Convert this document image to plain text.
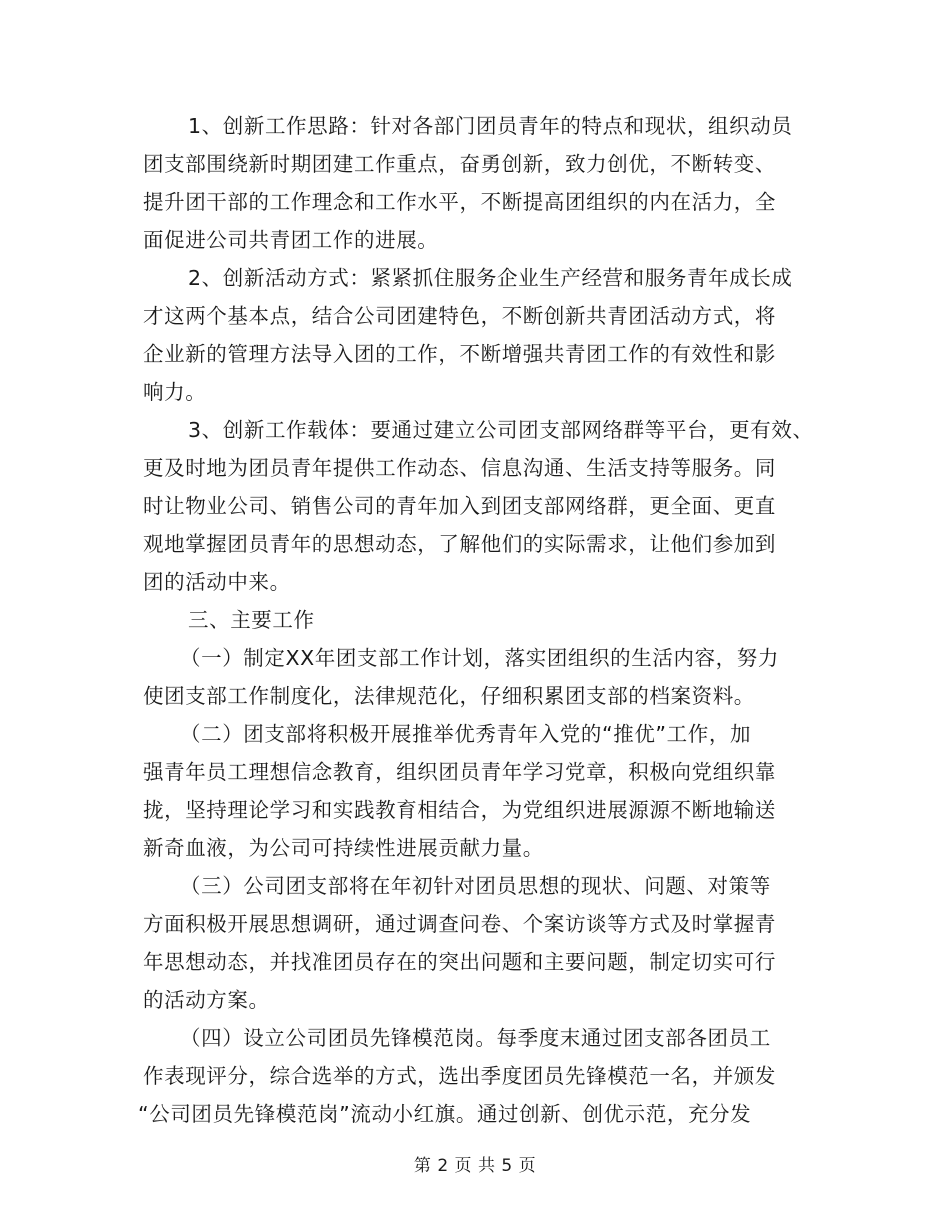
1、创新工作思路：针对各部门团员青年的特点和现状，组织动员
团支部围绕新时期团建工作重点，奋勇创新，致力创优，不断转变、
提升团干部的工作理念和工作水平，不断提高团组织的内在活力，全
面促进公司共青团工作的进展。
2、创新活动方式：紧紧抓住服务企业生产经营和服务青年成长成
才这两个基本点，结合公司团建特色，不断创新共青团活动方式，将
企业新的管理方法导入团的工作，不断增强共青团工作的有效性和影
响力。
3、创新工作载体：要通过建立公司团支部网络群等平台，更有效、
更及时地为团员青年提供工作动态、信息沟通、生活支持等服务。同
时让物业公司、销售公司的青年加入到团支部网络群，更全面、更直
观地掌握团员青年的思想动态，了解他们的实际需求，让他们参加到
团的活动中来。
三、主要工作
（一）制定XX年团支部工作计划，落实团组织的生活内容，努力
使团支部工作制度化，法律规范化，仔细积累团支部的档案资料。
（二）团支部将积极开展推举优秀青年入党的“推优”工作，加
强青年员工理想信念教育，组织团员青年学习党章，积极向党组织靠
拢，坚持理论学习和实践教育相结合，为党组织进展源源不断地输送
新奇血液，为公司可持续性进展贡献力量。
（三）公司团支部将在年初针对团员思想的现状、问题、对策等
方面积极开展思想调研，通过调查问卷、个案访谈等方式及时掌握青
年思想动态，并找准团员存在的突出问题和主要问题，制定切实可行
的活动方案。
（四）设立公司团员先锋模范岗。每季度末通过团支部各团员工
作表现评分，综合选举的方式，选出季度团员先锋模范一名，并颁发
“公司团员先锋模范岗”流动小红旗。通过创新、创优示范，充分发
第 2 页 共 5 页
